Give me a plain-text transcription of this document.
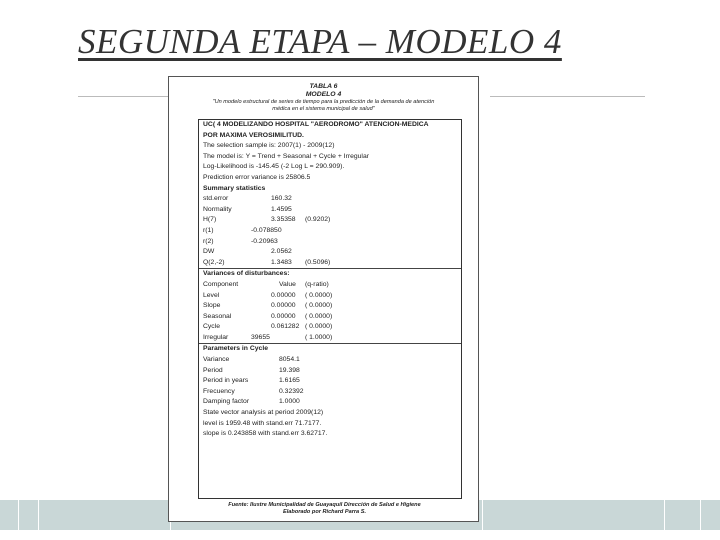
SEGUNDA ETAPA – MODELO 4
TABLA 6
MODELO 4
"Un modelo estructural de series de tiempo para la predicción de la demanda de atención
médica en el sistema municipal de salud"
UC( 4 MODELIZANDO HOSPITAL "AERODROMO" ATENCION-MEDICA
POR MAXIMA VEROSIMILITUD.
The selection sample is: 2007(1) - 2009(12)
The model is: Y = Trend + Seasonal + Cycle + Irregular
Log-Likelihood is -145.45 (-2 Log L = 290.909).
Prediction error variance is 25806.5
Summary statistics
std.error	160.32
Normality	1.4595
H(7)	3.35358 (0.9202)
r(1)	-0.078850
r(2)	-0.20963
DW	2.0562
Q(2,-2)	1.3483 (0.5096)
Variances of disturbances:
Component	Value (q-ratio)
Level	0.00000 ( 0.0000)
Slope	0.00000 ( 0.0000)
Seasonal	0.00000 ( 0.0000)
Cycle	0.061282 ( 0.0000)
Irregular	39655	( 1.0000)
Parameters in Cycle
Variance	8054.1
Period	19.398
Period in years	1.6165
Frecuency	0.32392
Damping factor	1.0000
State vector analysis at period 2009(12)
level is 1959.48 with stand.err 71.7177.
slope is 0.243858 with stand.err 3.62717.
Fuente: Ilustre Municipalidad de Guayaquil Dirección de Salud e Higiene
Elaborado por Richard Parra S.
